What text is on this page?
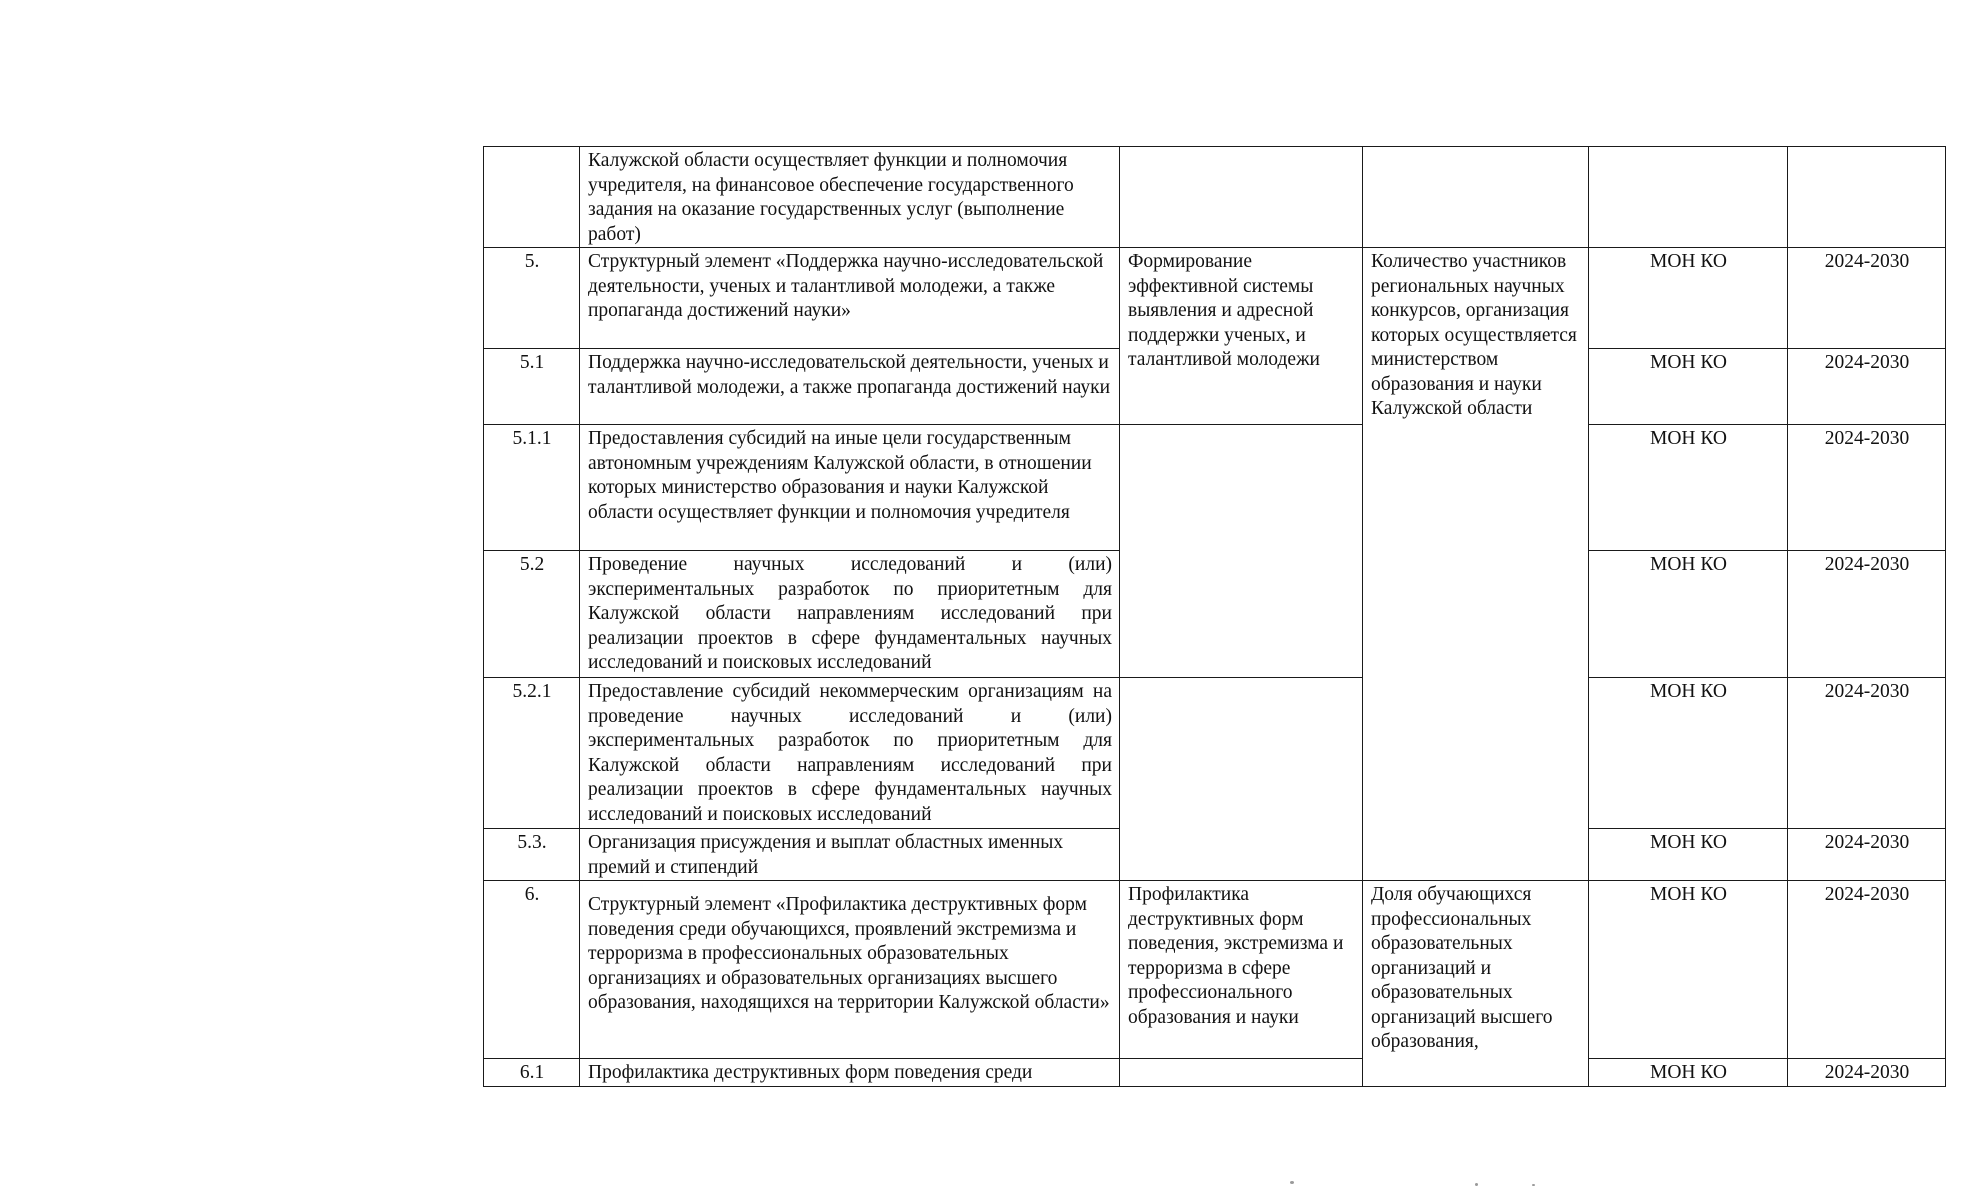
	Калужской области осуществляет функции и полномочия учредителя, на финансовое обеспечение государственного задания на оказание государственных услуг (выполнение работ)				
5.	Структурный элемент «Поддержка научно-исследовательской деятельности, ученых и талантливой молодежи, а также пропаганда достижений науки»	Формирование эффективной системы выявления и адресной поддержки ученых, и талантливой молодежи	Количество участников региональных научных конкурсов, организация которых осуществляется министерством образования и науки Калужской области	МОН КО	2024-2030
5.1	Поддержка научно-исследовательской деятельности, ученых и талантливой молодежи, а также пропаганда достижений науки			МОН КО	2024-2030
5.1.1	Предоставления субсидий на иные цели государственным автономным учреждениям Калужской области, в отношении которых министерство образования и науки Калужской области осуществляет функции и полномочия учредителя			МОН КО	2024-2030
5.2	Проведение научных исследований и (или) экспериментальных разработок по приоритетным для Калужской области направлениям исследований при реализации проектов в сфере фундаментальных научных исследований и поисковых исследований			МОН КО	2024-2030
5.2.1	Предоставление субсидий некоммерческим организациям на проведение научных исследований и (или) экспериментальных разработок по приоритетным для Калужской области направлениям исследований при реализации проектов в сфере фундаментальных научных исследований и поисковых исследований			МОН КО	2024-2030
5.3.	Организация присуждения и выплат областных именных премий и стипендий			МОН КО	2024-2030
6.	Структурный элемент «Профилактика деструктивных форм поведения среди обучающихся, проявлений экстремизма и терроризма в профессиональных образовательных организациях и образовательных организациях высшего образования, находящихся на территории Калужской области»	Профилактика деструктивных форм поведения, экстремизма и терроризма в сфере профессионального образования и науки	Доля обучающихся профессиональных образовательных организаций и образовательных организаций высшего образования,	МОН КО	2024-2030
6.1	Профилактика деструктивных форм поведения среди			МОН КО	2024-2030
